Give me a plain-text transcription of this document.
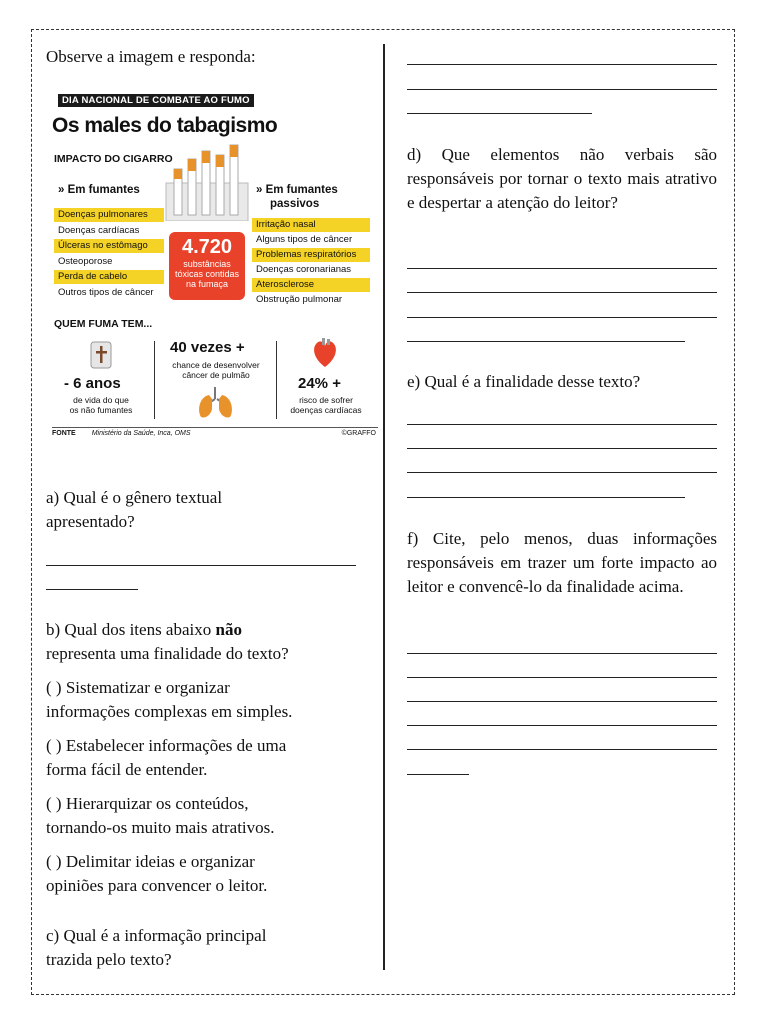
Observe a imagem e responda:

DIA NACIONAL DE COMBATE AO FUMO
Os males do tabagismo
IMPACTO DO CIGARRO
» Em fumantes
Doenças pulmonares
Doenças cardíacas
Úlceras no estômago
Osteoporose
Perda de cabelo
Outros tipos de câncer
» Em fumantes
passivos
Irritação nasal
Alguns tipos de câncer
Problemas respiratórios
Doenças coronarianas
Aterosclerose
Obstrução pulmonar
4.720
substâncias
tóxicas contidas
na fumaça
QUEM FUMA TEM...
- 6 anos
de vida do que
os não fumantes
40 vezes +
chance de desenvolver
câncer de pulmão	24% +
risco de sofrer
doenças cardíacas
FONTE Ministério da Saúde, Inca, OMS	©GRAFFO

a) Qual é o gênero textual
apresentado?

b) Qual dos itens abaixo não
representa uma finalidade do texto?

( ) Sistematizar e organizar
informações complexas em simples.

( ) Estabelecer informações de uma
forma fácil de entender.

( ) Hierarquizar os conteúdos,
tornando-os muito mais atrativos.

( ) Delimitar ideias e organizar
opiniões para convencer o leitor.

c) Qual é a informação principal
trazida pelo texto?

d) Que elementos não verbais são responsáveis por tornar o texto mais atrativo e despertar a atenção do leitor?

e) Qual é a finalidade desse texto?

f) Cite, pelo menos, duas informações responsáveis em trazer um forte impacto ao leitor e convencê-lo da finalidade acima.
